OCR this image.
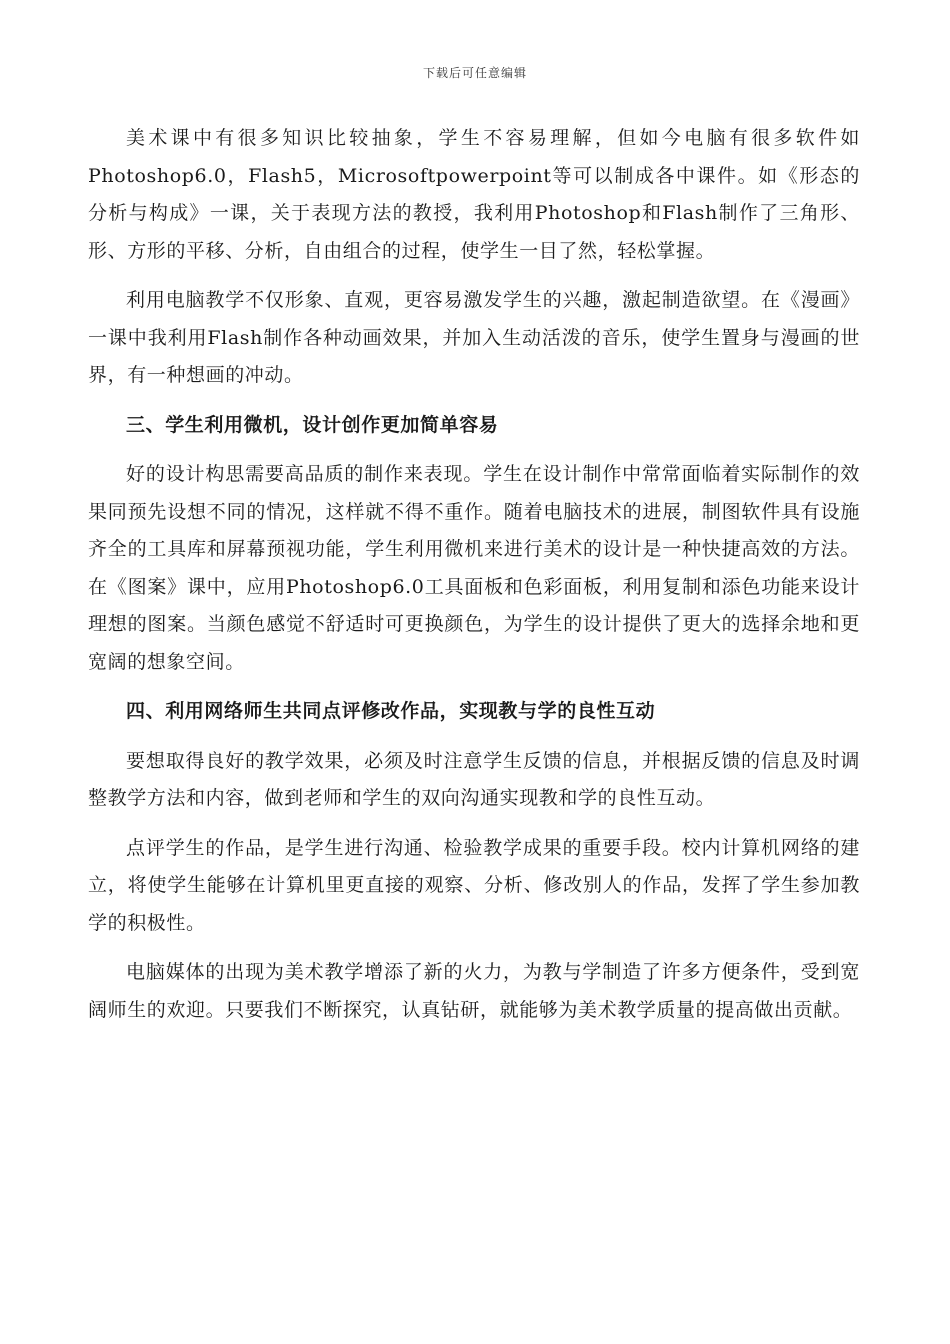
下载后可任意编辑

美术课中有很多知识比较抽象，学生不容易理解，但如今电脑有很多软件如Photoshop6.0，Flash5，Microsoftpowerpoint等可以制成各中课件。如《形态的分析与构成》一课，关于表现方法的教授，我利用Photoshop和Flash制作了三角形、形、方形的平移、分析，自由组合的过程，使学生一目了然，轻松掌握。

利用电脑教学不仅形象、直观，更容易激发学生的兴趣，激起制造欲望。在《漫画》一课中我利用Flash制作各种动画效果，并加入生动活泼的音乐，使学生置身与漫画的世界，有一种想画的冲动。

三、学生利用微机，设计创作更加简单容易

好的设计构思需要高品质的制作来表现。学生在设计制作中常常面临着实际制作的效果同预先设想不同的情况，这样就不得不重作。随着电脑技术的进展，制图软件具有设施齐全的工具库和屏幕预视功能，学生利用微机来进行美术的设计是一种快捷高效的方法。在《图案》课中，应用Photoshop6.0工具面板和色彩面板，利用复制和添色功能来设计理想的图案。当颜色感觉不舒适时可更换颜色，为学生的设计提供了更大的选择余地和更宽阔的想象空间。

四、利用网络师生共同点评修改作品，实现教与学的良性互动

要想取得良好的教学效果，必须及时注意学生反馈的信息，并根据反馈的信息及时调整教学方法和内容，做到老师和学生的双向沟通实现教和学的良性互动。

点评学生的作品，是学生进行沟通、检验教学成果的重要手段。校内计算机网络的建立，将使学生能够在计算机里更直接的观察、分析、修改别人的作品，发挥了学生参加教学的积极性。

电脑媒体的出现为美术教学增添了新的火力，为教与学制造了许多方便条件，受到宽阔师生的欢迎。只要我们不断探究，认真钻研，就能够为美术教学质量的提高做出贡献。
